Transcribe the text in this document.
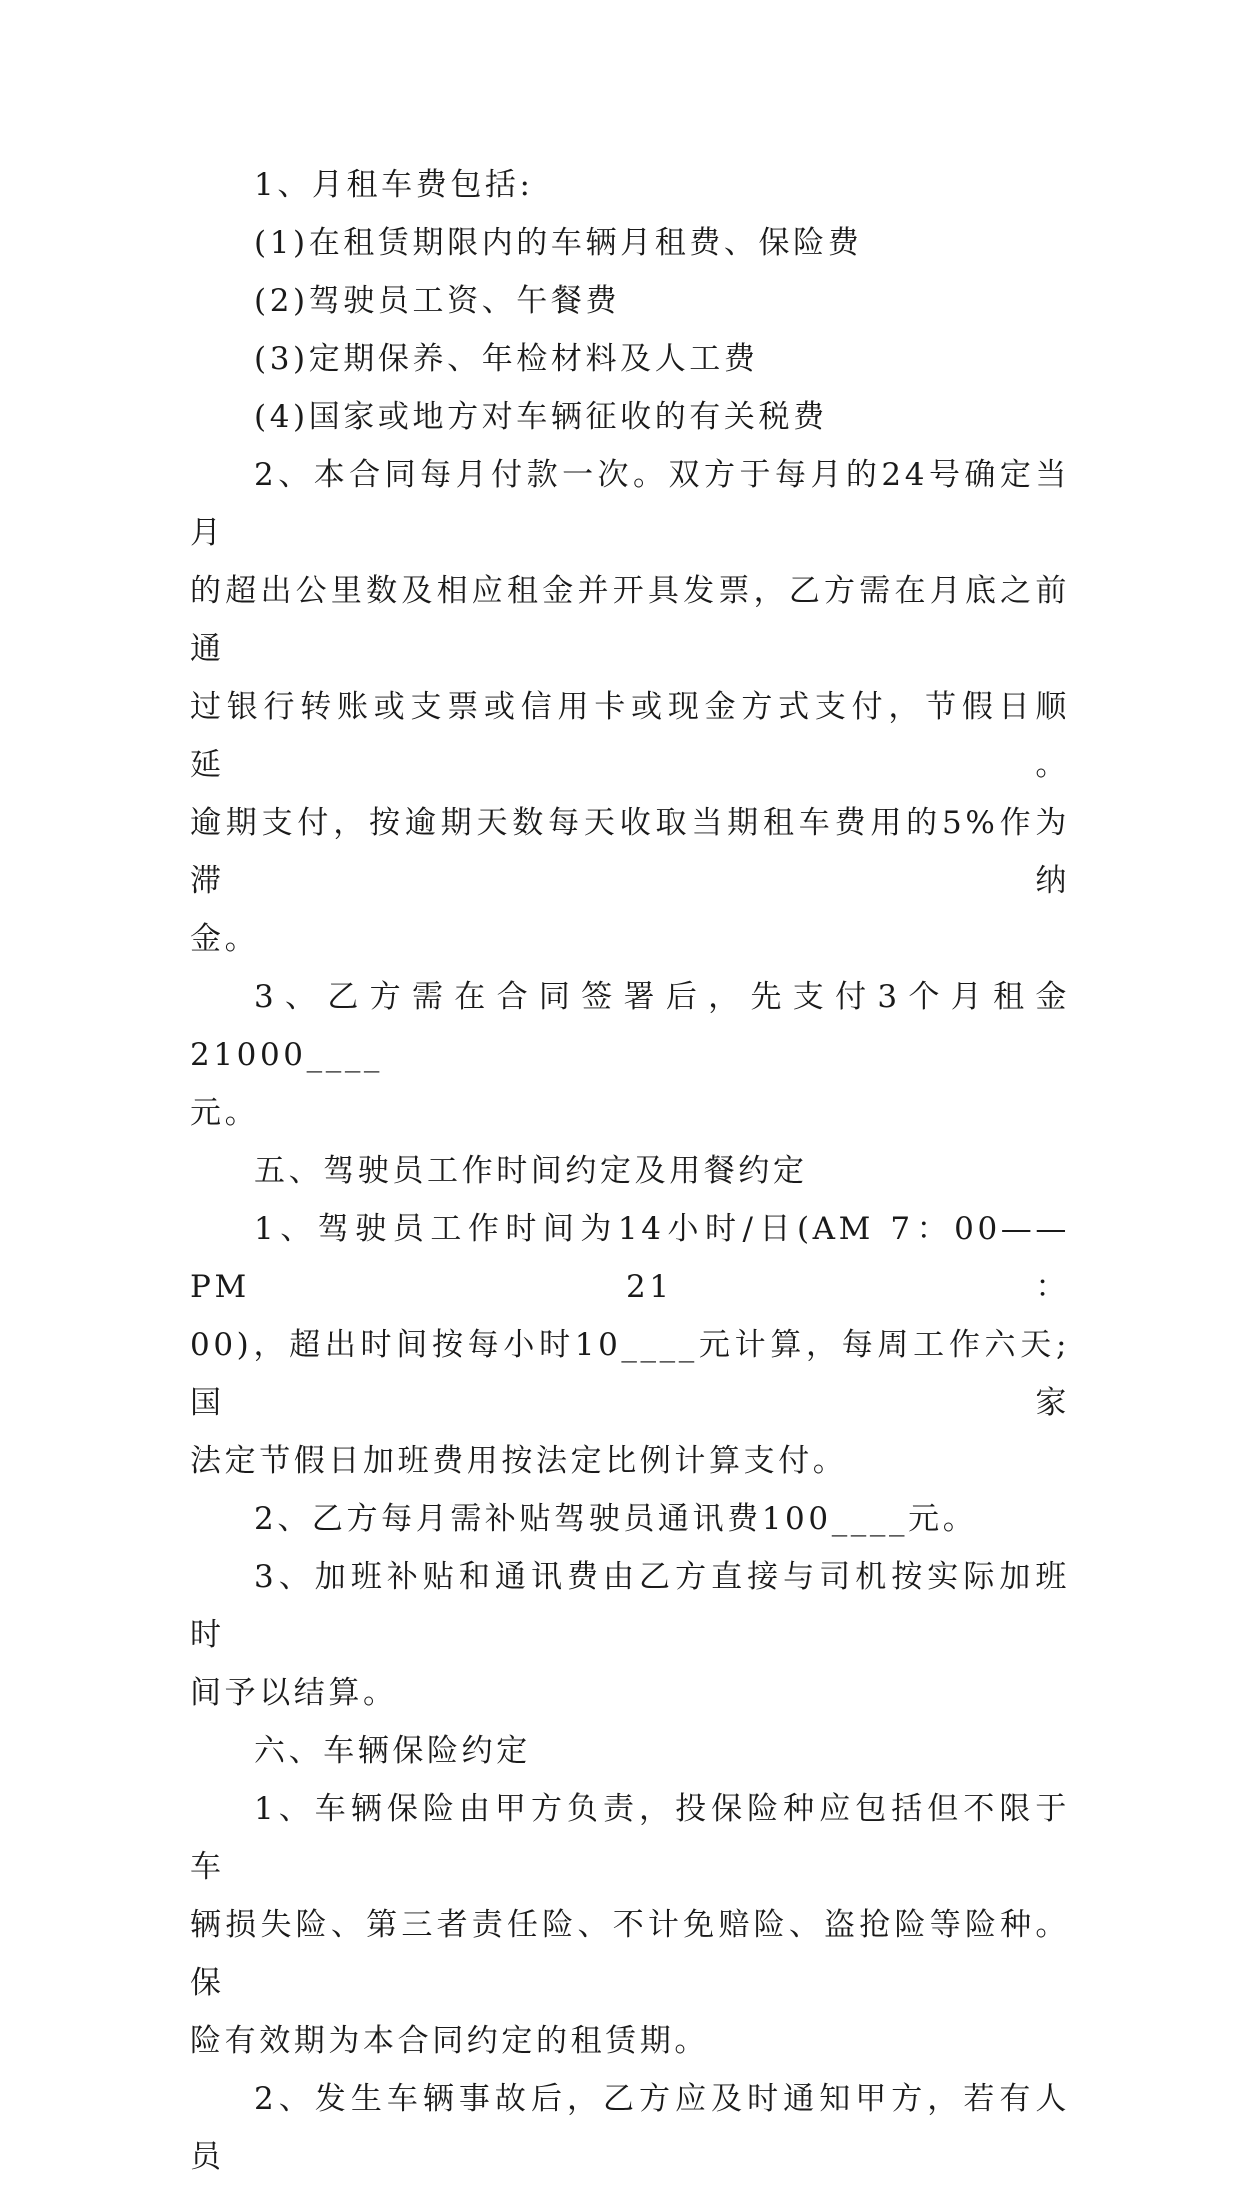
1、月租车费包括:

(1)在租赁期限内的车辆月租费、保险费

(2)驾驶员工资、午餐费

(3)定期保养、年检材料及人工费

(4)国家或地方对车辆征收的有关税费

2、本合同每月付款一次。双方于每月的24号确定当月

的超出公里数及相应租金并开具发票，乙方需在月底之前通
过银行转账或支票或信用卡或现金方式支付，节假日顺延。
逾期支付，按逾期天数每天收取当期租车费用的5%作为滞纳
金。

3、乙方需在合同签署后，先支付3个月租金21000____

元。

五、驾驶员工作时间约定及用餐约定

1、驾驶员工作时间为14小时/日(AM 7：00——PM 21：

00)，超出时间按每小时10____元计算，每周工作六天;国家
法定节假日加班费用按法定比例计算支付。

2、乙方每月需补贴驾驶员通讯费100____元。

3、加班补贴和通讯费由乙方直接与司机按实际加班时

间予以结算。

六、车辆保险约定

1、车辆保险由甲方负责，投保险种应包括但不限于车

辆损失险、第三者责任险、不计免赔险、盗抢险等险种。保
险有效期为本合同约定的租赁期。

2、发生车辆事故后，乙方应及时通知甲方，若有人员
